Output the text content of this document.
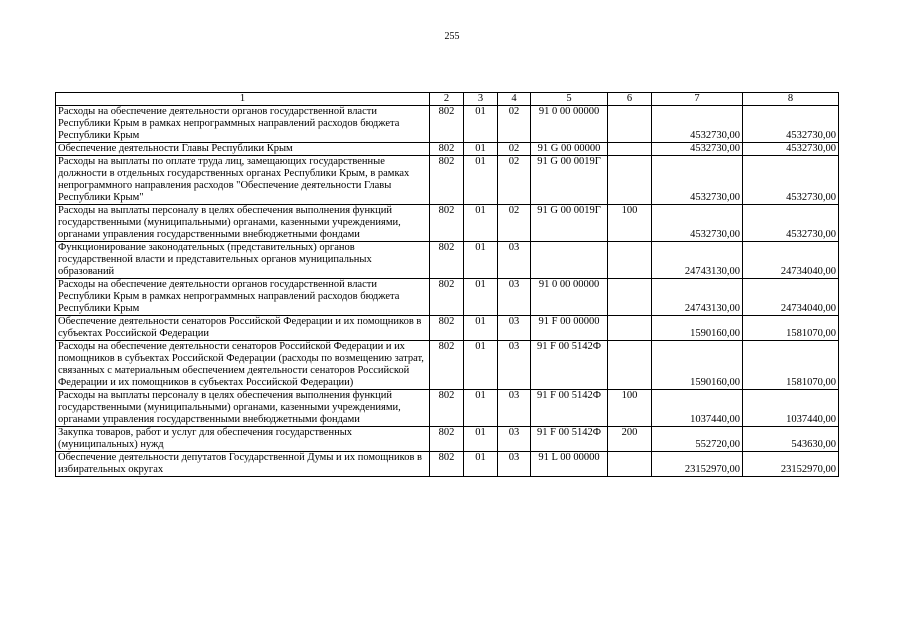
255
1	2	3	4	5	6	7	8
Расходы на обеспечение деятельности органов государственной власти Республики Крым в рамках непрограммных направлений расходов бюджета Республики Крым	802	01	02	91 0 00 00000		4532730,00	4532730,00
Обеспечение деятельности Главы Республики Крым	802	01	02	91 G 00 00000		4532730,00	4532730,00
Расходы на выплаты по оплате труда лиц, замещающих государственные должности в отдельных государственных органах Республики Крым, в рамках непрограммного направления расходов "Обеспечение деятельности Главы Республики Крым"	802	01	02	91 G 00 0019Г		4532730,00	4532730,00
Расходы на выплаты персоналу в целях обеспечения выполнения функций государственными (муниципальными) органами, казенными учреждениями, органами управления государственными внебюджетными фондами	802	01	02	91 G 00 0019Г	100	4532730,00	4532730,00
Функционирование законодательных (представительных) органов государственной власти и представительных органов муниципальных образований	802	01	03			24743130,00	24734040,00
Расходы на обеспечение деятельности органов государственной власти Республики Крым в рамках непрограммных направлений расходов бюджета Республики Крым	802	01	03	91 0 00 00000		24743130,00	24734040,00
Обеспечение деятельности сенаторов Российской Федерации и их помощников в субъектах Российской Федерации	802	01	03	91 F 00 00000		1590160,00	1581070,00
Расходы на обеспечение деятельности сенаторов Российской Федерации и их помощников в субъектах Российской Федерации (расходы по возмещению затрат, связанных с материальным обеспечением деятельности сенаторов Российской Федерации и их помощников в субъектах Российской Федерации)	802	01	03	91 F 00 5142Ф		1590160,00	1581070,00
Расходы на выплаты персоналу в целях обеспечения выполнения функций государственными (муниципальными) органами, казенными учреждениями, органами управления государственными внебюджетными фондами	802	01	03	91 F 00 5142Ф	100	1037440,00	1037440,00
Закупка товаров, работ и услуг для обеспечения государственных (муниципальных) нужд	802	01	03	91 F 00 5142Ф	200	552720,00	543630,00
Обеспечение деятельности депутатов Государственной Думы и их помощников в избирательных округах	802	01	03	91 L 00 00000		23152970,00	23152970,00
